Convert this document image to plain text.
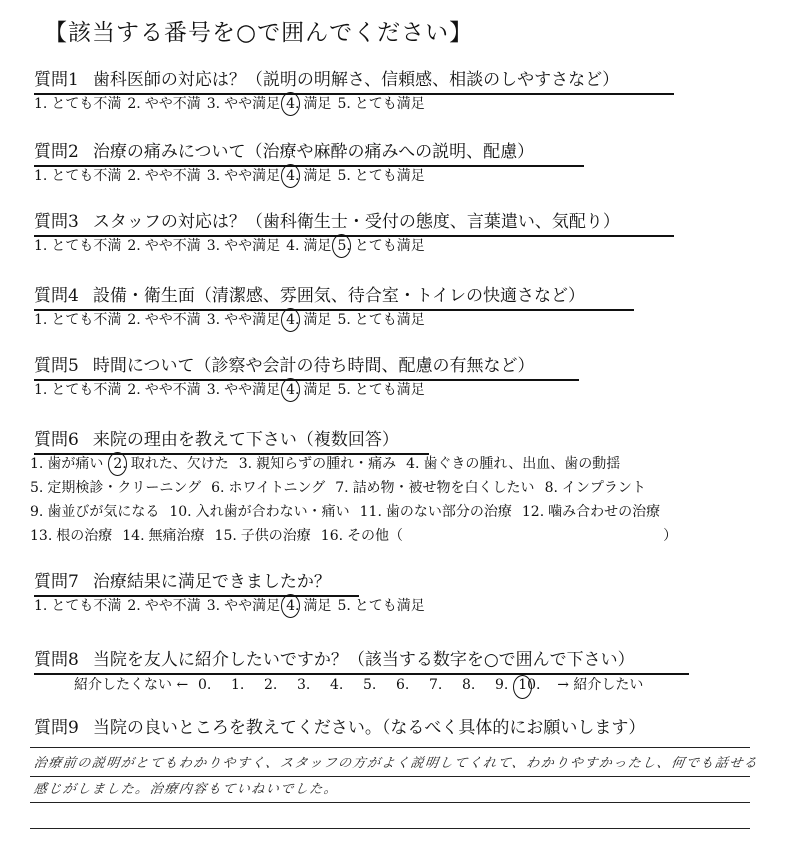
【該当する番号を○で囲んでください】
質問1 歯科医師の対応は？（説明の明解さ、信頼感、相談のしやすさなど）
1. とても不満 2. やや不満 3. やや満足 4. 満足 5. とても満足
質問2 治療の痛みについて（治療や麻酔の痛みへの説明、配慮）
1. とても不満 2. やや不満 3. やや満足 4. 満足 5. とても満足
質問3 スタッフの対応は？（歯科衛生士・受付の態度、言葉遣い、気配り）
1. とても不満 2. やや不満 3. やや満足 4. 満足 5. とても満足
質問4 設備・衛生面（清潔感、雰囲気、待合室・トイレの快適さなど）
1. とても不満 2. やや不満 3. やや満足 4. 満足 5. とても満足
質問5 時間について（診察や会計の待ち時間、配慮の有無など）
1. とても不満 2. やや不満 3. やや満足 4. 満足 5. とても満足
質問6 来院の理由を教えて下さい（複数回答）
質問7 治療結果に満足できましたか？
1. とても不満 2. やや不満 3. やや満足 4. 満足 5. とても満足
質問8 当院を友人に紹介したいですか？（該当する数字を○で囲んで下さい）
質問9 当院の良いところを教えてください。（なるべく具体的にお願いします）
1. 歯が痛い 2. 取れた、欠けた 3. 親知らずの腫れ・痛み 4. 歯ぐきの腫れ、出血、歯の動揺
5. 定期検診・クリーニング 6. ホワイトニング 7. 詰め物・被せ物を白くしたい 8. インプラント
9. 歯並びが気になる 10. 入れ歯が合わない・痛い 11. 歯のない部分の治療 12. 噛み合わせの治療
13. 根の治療 14. 無痛治療 15. 子供の治療 16. その他（	）
紹介したくない ← 0. 1. 2. 3. 4. 5. 6. 7. 8. 9. 10. → 紹介したい
治療前の説明がとてもわかりやすく、スタッフの方がよく説明してくれて、わかりやすかったし、何でも話せる
感じがしました。治療内容もていねいでした。
